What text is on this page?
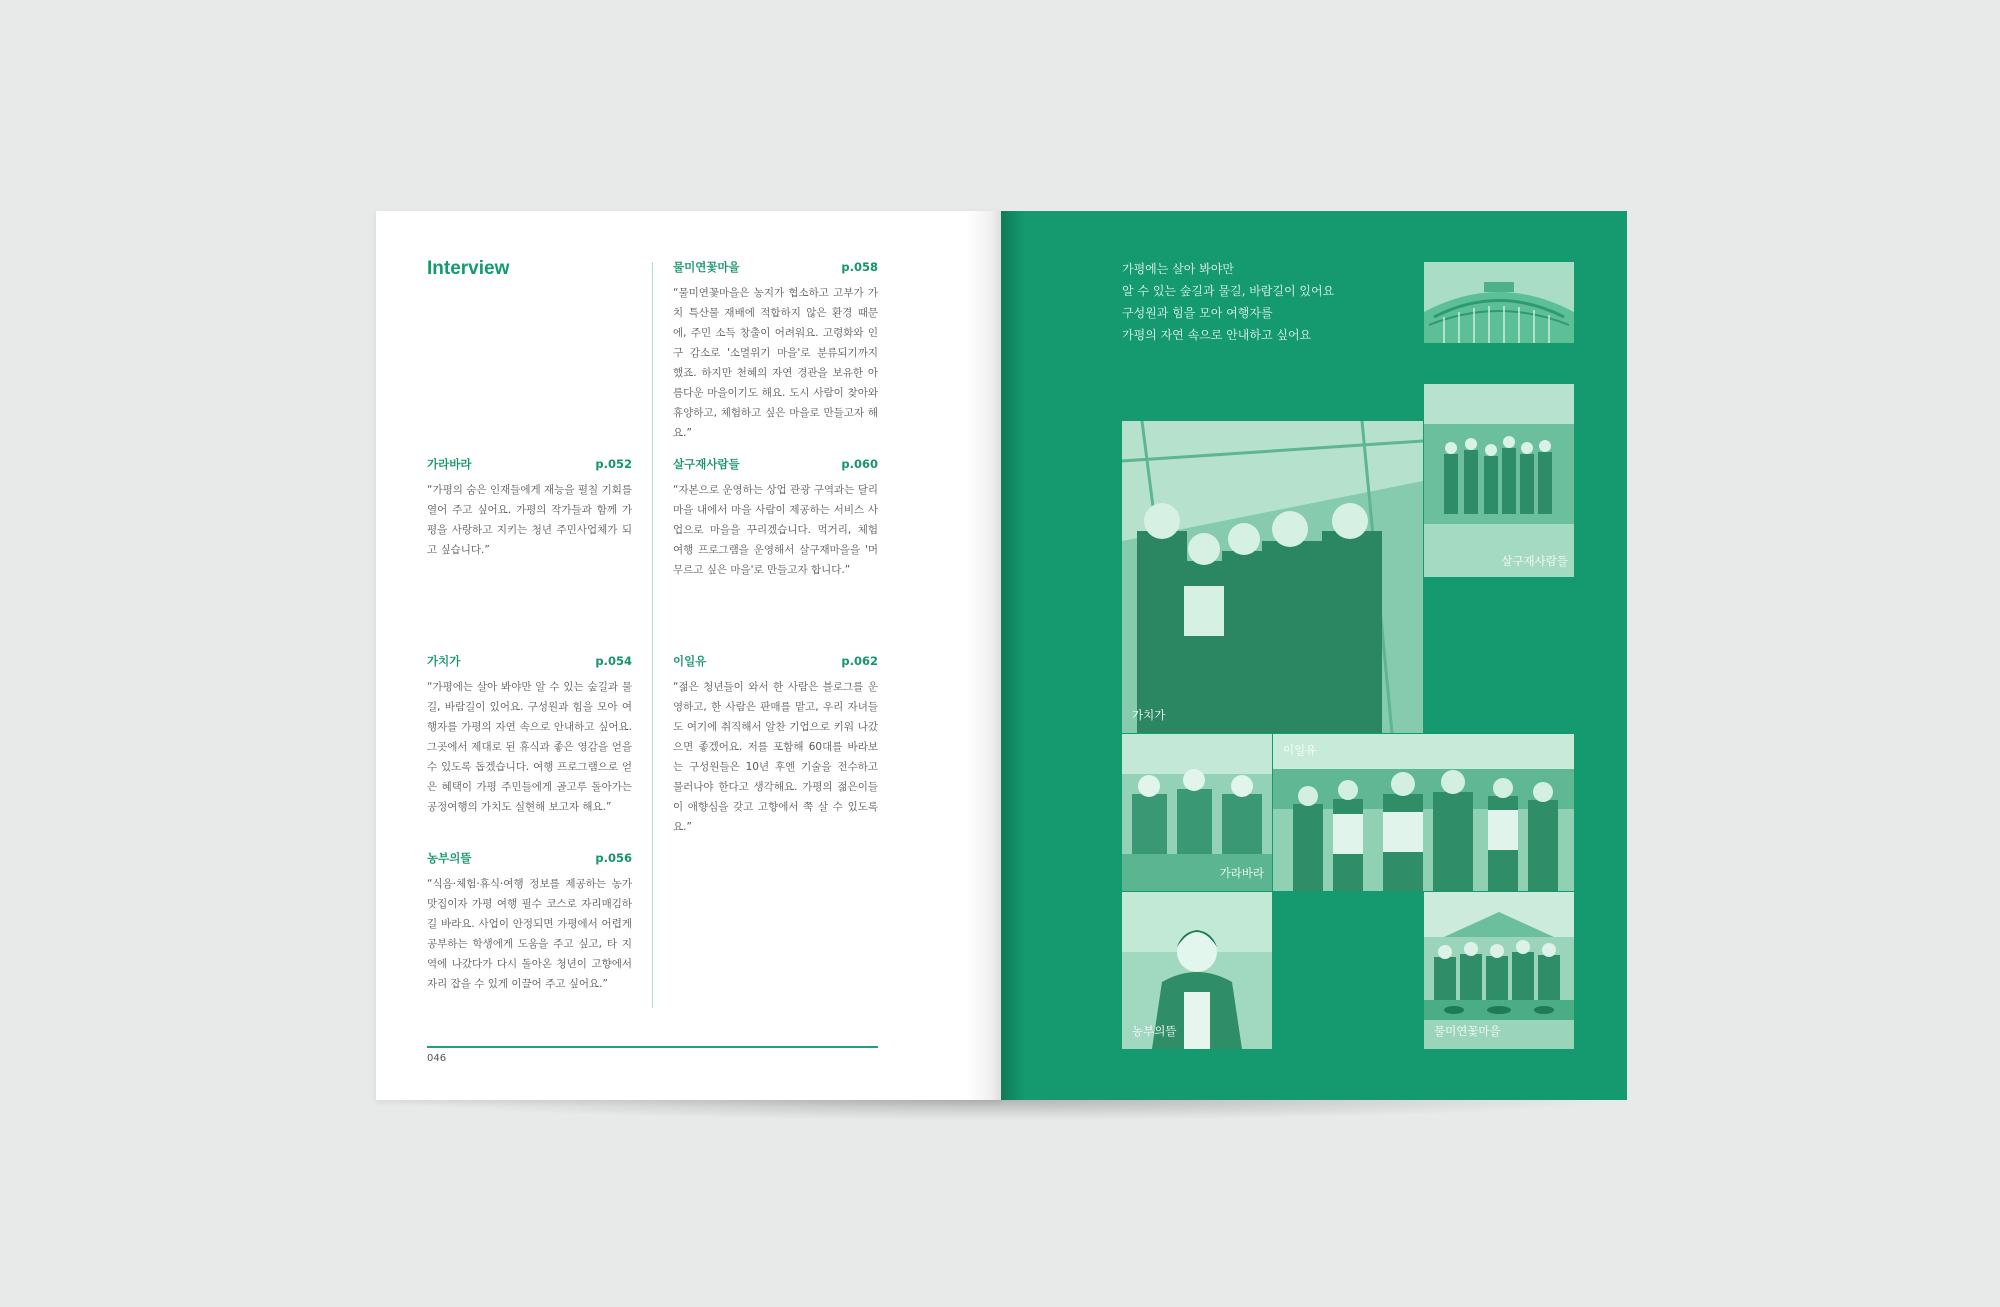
Interview
가라바라	p.052

“가평의 숨은 인재들에게 재능을 펼칠 기회를 열어 주고 싶어요. 가평의 작가들과 함께 가평을 사랑하고 지키는 청년 주민사업체가 되고 싶습니다.”

가치가	p.054

“가평에는 살아 봐야만 알 수 있는 숲길과 물길, 바람길이 있어요. 구성원과 힘을 모아 여행자를 가평의 자연 속으로 안내하고 싶어요. 그곳에서 제대로 된 휴식과 좋은 영감을 얻을 수 있도록 돕겠습니다. 여행 프로그램으로 얻은 혜택이 가평 주민들에게 골고루 돌아가는 공정여행의 가치도 실현해 보고자 해요.”

농부의뜰	p.056

“식음·체험·휴식·여행 정보를 제공하는 농가 맛집이자 가평 여행 필수 코스로 자리매김하길 바라요. 사업이 안정되면 가평에서 어렵게 공부하는 학생에게 도움을 주고 싶고, 타 지역에 나갔다가 다시 돌아온 청년이 고향에서 자리 잡을 수 있게 이끌어 주고 싶어요.”

물미연꽃마을	p.058

“물미연꽃마을은 농지가 협소하고 고부가 가치 특산물 재배에 적합하지 않은 환경 때문에, 주민 소득 창출이 어려워요. 고령화와 인구 감소로 '소멸위기 마을'로 분류되기까지 했죠. 하지만 천혜의 자연 경관을 보유한 아름다운 마을이기도 해요. 도시 사람이 찾아와 휴양하고, 체험하고 싶은 마을로 만들고자 해요.”

살구재사람들	p.060

“자본으로 운영하는 상업 관광 구역과는 달리 마을 내에서 마을 사람이 제공하는 서비스 사업으로 마을을 꾸리겠습니다. 먹거리, 체험 여행 프로그램을 운영해서 살구재마을을 '머무르고 싶은 마을'로 만들고자 합니다.”

이일유	p.062

“젊은 청년들이 와서 한 사람은 블로그를 운영하고, 한 사람은 판매를 맡고, 우리 자녀들도 여기에 취직해서 알찬 기업으로 키워 나갔으면 좋겠어요. 저를 포함해 60대를 바라보는 구성원들은 10년 후엔 기술을 전수하고 물러나야 한다고 생각해요. 가평의 젊은이들이 애향심을 갖고 고향에서 쭉 살 수 있도록요.”

046

가평에는 살아 봐야만
알 수 있는 숲길과 물길, 바람길이 있어요
구성원과 힘을 모아 여행자를
가평의 자연 속으로 안내하고 싶어요

살구재사람들
가치가
가라바라
이일유
농부의뜰	물미연꽃마을
